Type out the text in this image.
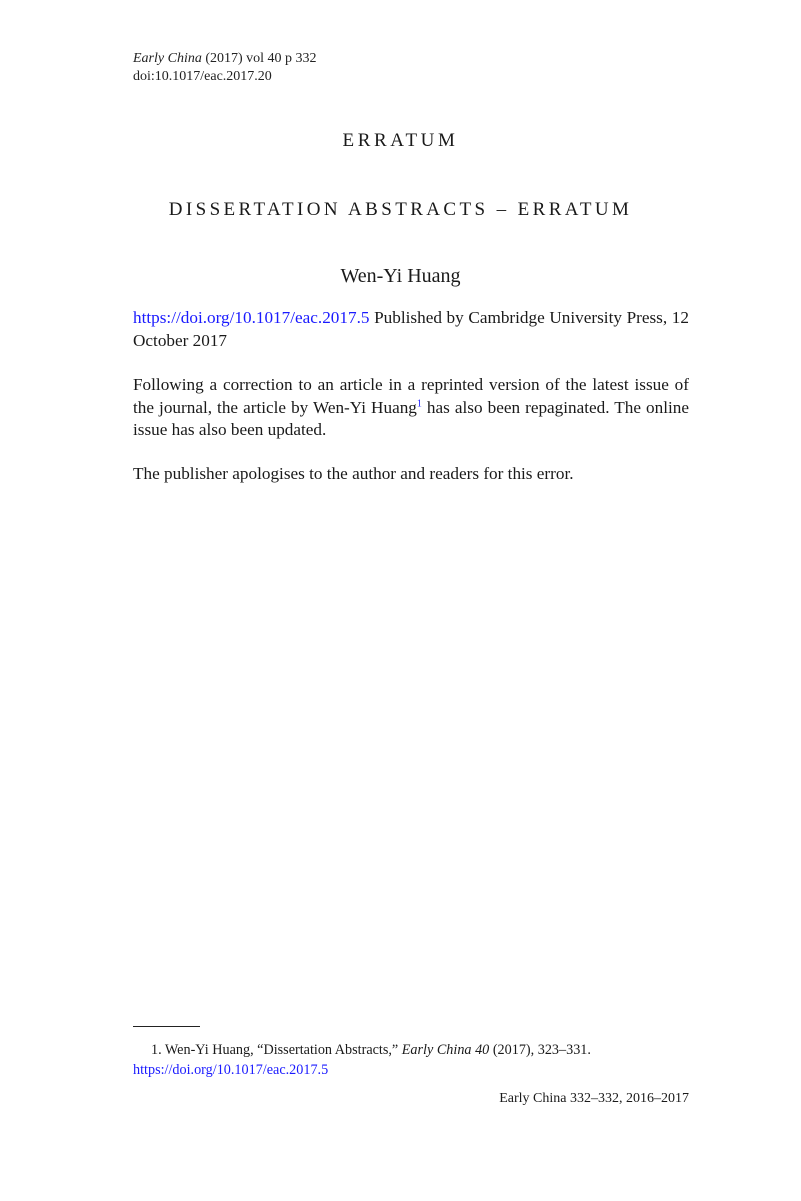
Early China (2017) vol 40 p 332
doi:10.1017/eac.2017.20
ERRATUM
DISSERTATION ABSTRACTS – ERRATUM
Wen-Yi Huang
https://doi.org/10.1017/eac.2017.5 Published by Cambridge University Press, 12 October 2017
Following a correction to an article in a reprinted version of the latest issue of the journal, the article by Wen-Yi Huang$^1$ has also been repaginated. The online issue has also been updated.
The publisher apologises to the author and readers for this error.
1. Wen-Yi Huang, “Dissertation Abstracts,” Early China 40 (2017), 323–331.
https://doi.org/10.1017/eac.2017.5
Early China 332–332, 2016–2017
